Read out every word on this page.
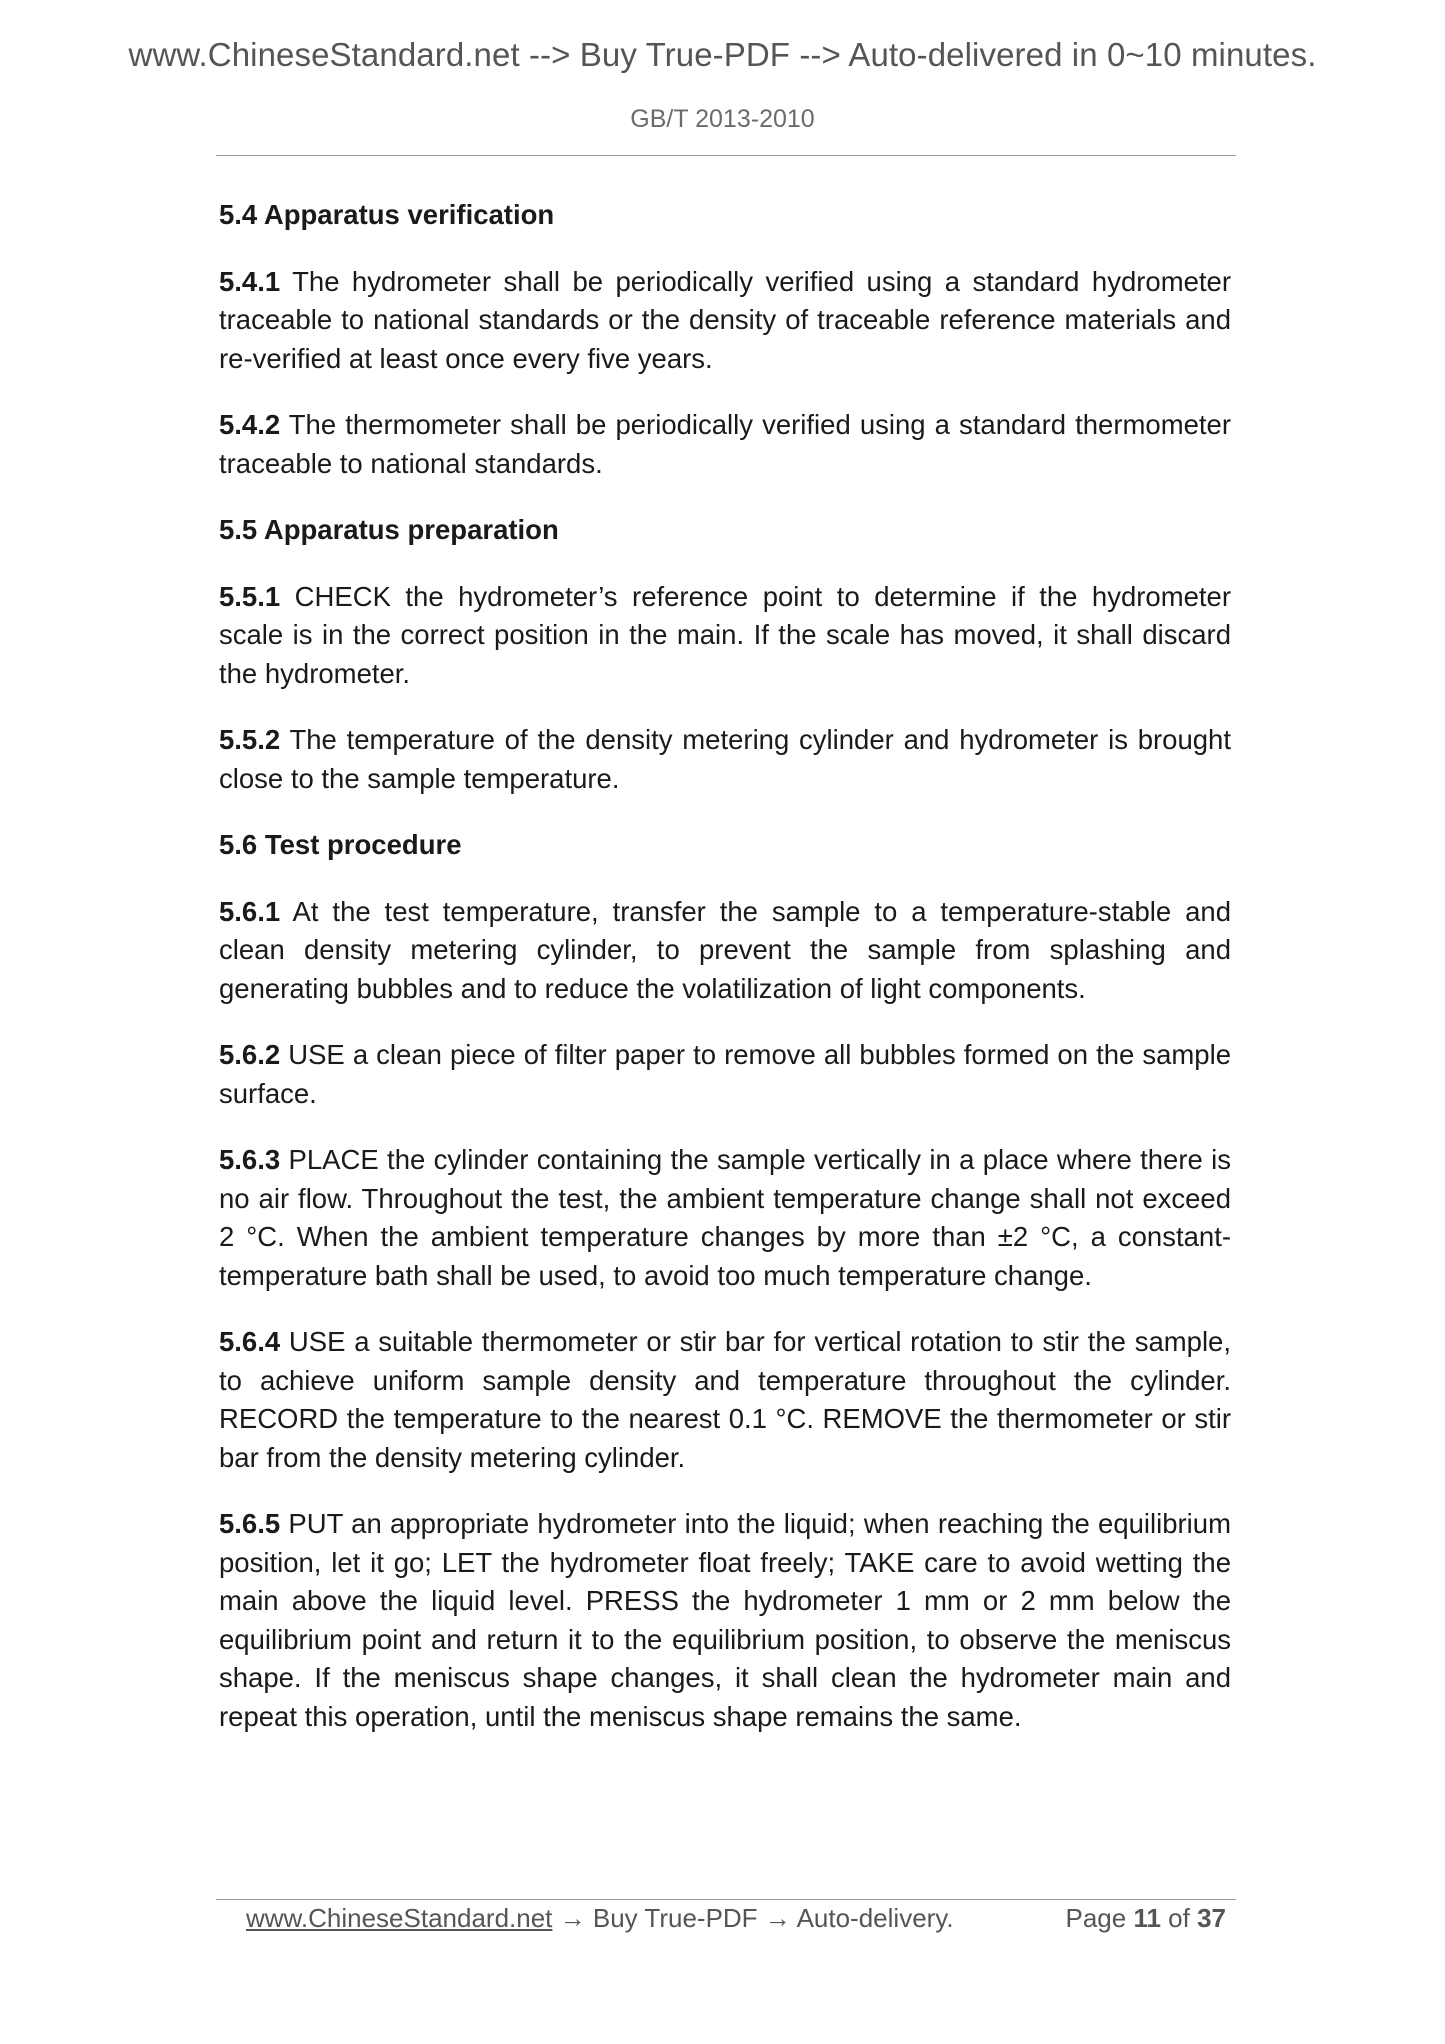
www.ChineseStandard.net --> Buy True-PDF --> Auto-delivered in 0~10 minutes.
GB/T 2013-2010
5.4 Apparatus verification

5.4.1 The hydrometer shall be periodically verified using a standard hydrometer traceable to national standards or the density of traceable reference materials and re-verified at least once every five years.

5.4.2 The thermometer shall be periodically verified using a standard thermometer traceable to national standards.

5.5 Apparatus preparation

5.5.1 CHECK the hydrometer’s reference point to determine if the hydrometer scale is in the correct position in the main. If the scale has moved, it shall discard the hydrometer.

5.5.2 The temperature of the density metering cylinder and hydrometer is brought close to the sample temperature.

5.6 Test procedure

5.6.1 At the test temperature, transfer the sample to a temperature-stable and clean density metering cylinder, to prevent the sample from splashing and generating bubbles and to reduce the volatilization of light components.

5.6.2 USE a clean piece of filter paper to remove all bubbles formed on the sample surface.

5.6.3 PLACE the cylinder containing the sample vertically in a place where there is no air flow. Throughout the test, the ambient temperature change shall not exceed 2 °C. When the ambient temperature changes by more than ±2 °C, a constant-temperature bath shall be used, to avoid too much temperature change.

5.6.4 USE a suitable thermometer or stir bar for vertical rotation to stir the sample, to achieve uniform sample density and temperature throughout the cylinder. RECORD the temperature to the nearest 0.1 °C. REMOVE the thermometer or stir bar from the density metering cylinder.

5.6.5 PUT an appropriate hydrometer into the liquid; when reaching the equilibrium position, let it go; LET the hydrometer float freely; TAKE care to avoid wetting the main above the liquid level. PRESS the hydrometer 1 mm or 2 mm below the equilibrium point and return it to the equilibrium position, to observe the meniscus shape. If the meniscus shape changes, it shall clean the hydrometer main and repeat this operation, until the meniscus shape remains the same.

www.ChineseStandard.net → Buy True-PDF → Auto-delivery.	Page 11 of 37
